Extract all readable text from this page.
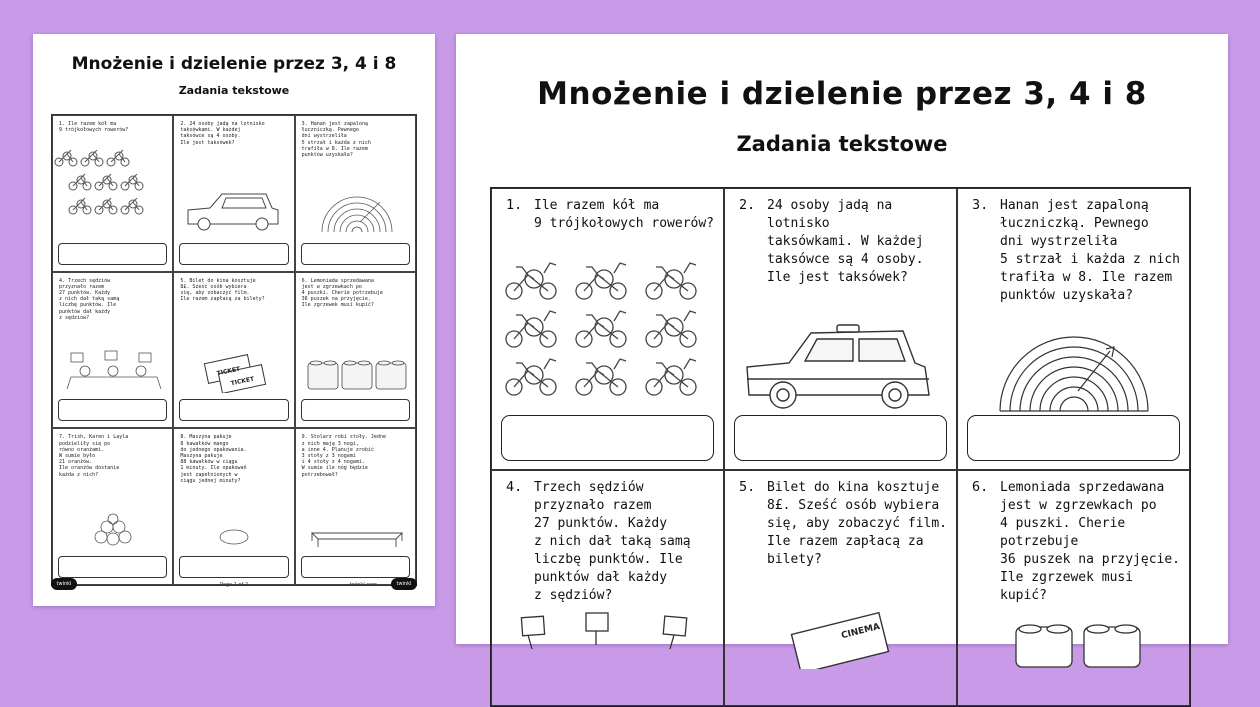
Mnożenie i dzielenie przez 3, 4 i 8
Zadania tekstowe
1. Ile razem kół ma
9 trójkołowych rowerów?
2. 24 osoby jadą na lotnisko
taksówkami. W każdej
taksówce są 4 osoby.
Ile jest taksówek?
3. Hanan jest zapaloną
łuczniczką. Pewnego
dni wystrzeliła
5 strzał i każda z nich
trafiła w 8. Ile razem
punktów uzyskała?
4. Trzech sędziów
przyznało razem
27 punktów. Każdy
z nich dał taką samą
liczbę punktów. Ile
punktów dał każdy
z sędziów?
5. Bilet do kina kosztuje
8£. Sześć osób wybiera
się, aby zobaczyć film.
Ile razem zapłacą za bilety?
TICKET
TICKET
6. Lemoniada sprzedawana
jest w zgrzewkach po
4 puszki. Cherie potrzebuje
36 puszek na przyjęcie.
Ile zgrzewek musi kupić?
7. Trish, Karen i Layla
podzieliły się po
równo oranżami.
W sumie było
21 oranżów.
Ile oranżów dostanie
każda z nich?
8. Maszyna pakuje
8 kawałków mango
do jednego opakowania.
Maszyna pakuje
88 kawałków w ciągu
1 minuty. Ile opakowań
jest zapełnionych w
ciągu jednej minuty?
9. Stolarz robi stoły. Jedne
z nich mają 3 nogi,
a inne 4. Planuje zrobić
3 stoły z 3 nogami
i 4 stoły z 4 nogami.
W sumie ile nóg będzie
potrzebował?
twinkl	Page 1 of 2	twinkl.com	twinkl
Mnożenie i dzielenie przez 3, 4 i 8
Zadania tekstowe
1. Ile razem kół ma
9 trójkołowych rowerów?
2. 24 osoby jadą na lotnisko
taksówkami. W każdej
taksówce są 4 osoby.
Ile jest taksówek?
3. Hanan jest zapaloną
łuczniczką. Pewnego
dni wystrzeliła
5 strzał i każda z nich
trafiła w 8. Ile razem
punktów uzyskała?
4. Trzech sędziów
przyznało razem
27 punktów. Każdy
z nich dał taką samą
liczbę punktów. Ile
punktów dał każdy
z sędziów?
5. Bilet do kina kosztuje
8£. Sześć osób wybiera
się, aby zobaczyć film.
Ile razem zapłacą za bilety?
CINEMA
6. Lemoniada sprzedawana
jest w zgrzewkach po
4 puszki. Cherie potrzebuje
36 puszek na przyjęcie.
Ile zgrzewek musi kupić?
